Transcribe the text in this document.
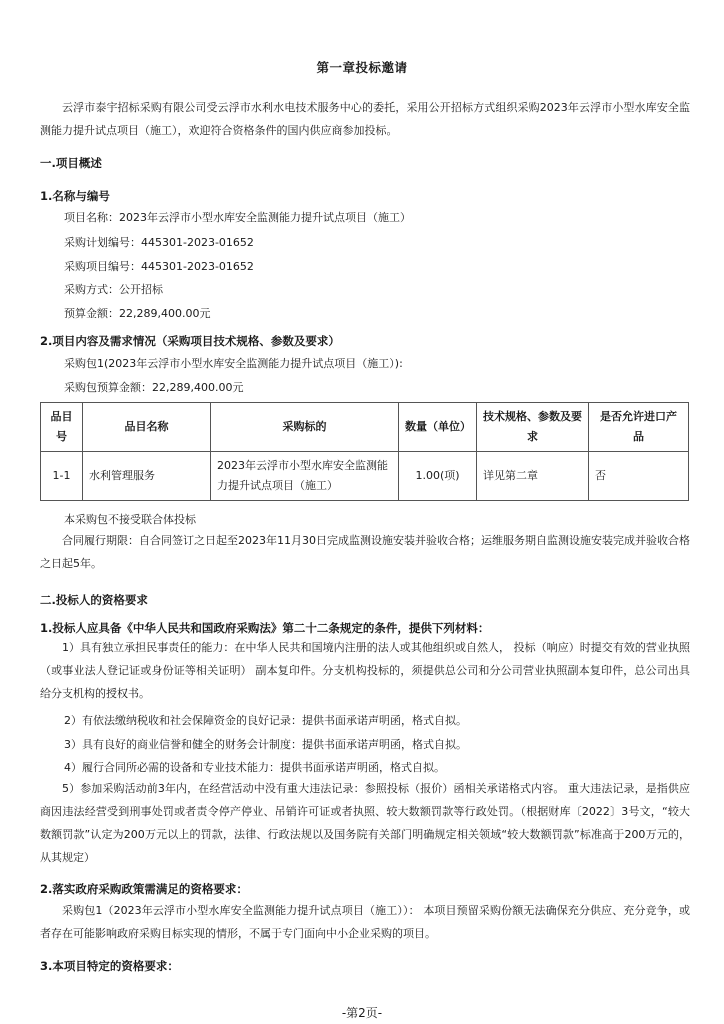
第一章投标邀请
云浮市泰宇招标采购有限公司受云浮市水利水电技术服务中心的委托，采用公开招标方式组织采购2023年云浮市小型水库安全监测能力提升试点项目（施工），欢迎符合资格条件的国内供应商参加投标。
一.项目概述
1.名称与编号
项目名称：2023年云浮市小型水库安全监测能力提升试点项目（施工）
采购计划编号：445301-2023-01652
采购项目编号：445301-2023-01652
采购方式：公开招标
预算金额：22,289,400.00元
2.项目内容及需求情况（采购项目技术规格、参数及要求）
采购包1(2023年云浮市小型水库安全监测能力提升试点项目（施工）):
采购包预算金额：22,289,400.00元
品目号	品目名称	采购标的	数量（单位）	技术规格、参数及要求	是否允许进口产品
1-1	水利管理服务	2023年云浮市小型水库安全监测能力提升试点项目（施工）	1.00(项)	详见第二章	否
本采购包不接受联合体投标
合同履行期限：自合同签订之日起至2023年11月30日完成监测设施安装并验收合格；运维服务期自监测设施安装完成并验收合格之日起5年。
二.投标人的资格要求
1.投标人应具备《中华人民共和国政府采购法》第二十二条规定的条件，提供下列材料：
1）具有独立承担民事责任的能力：在中华人民共和国境内注册的法人或其他组织或自然人， 投标（响应）时提交有效的营业执照（或事业法人登记证或身份证等相关证明） 副本复印件。分支机构投标的，须提供总公司和分公司营业执照副本复印件，总公司出具给分支机构的授权书。
2）有依法缴纳税收和社会保障资金的良好记录：提供书面承诺声明函，格式自拟。
3）具有良好的商业信誉和健全的财务会计制度：提供书面承诺声明函，格式自拟。
4）履行合同所必需的设备和专业技术能力：提供书面承诺声明函，格式自拟。
5）参加采购活动前3年内，在经营活动中没有重大违法记录：参照投标（报价）函相关承诺格式内容。 重大违法记录，是指供应商因违法经营受到刑事处罚或者责令停产停业、吊销许可证或者执照、较大数额罚款等行政处罚。（根据财库〔2022〕3号文，“较大数额罚款”认定为200万元以上的罚款，法律、行政法规以及国务院有关部门明确规定相关领域“较大数额罚款”标准高于200万元的，从其规定）
2.落实政府采购政策需满足的资格要求：
采购包1（2023年云浮市小型水库安全监测能力提升试点项目（施工））： 本项目预留采购份额无法确保充分供应、充分竞争，或者存在可能影响政府采购目标实现的情形，不属于专门面向中小企业采购的项目。
3.本项目特定的资格要求：
-第2页-
